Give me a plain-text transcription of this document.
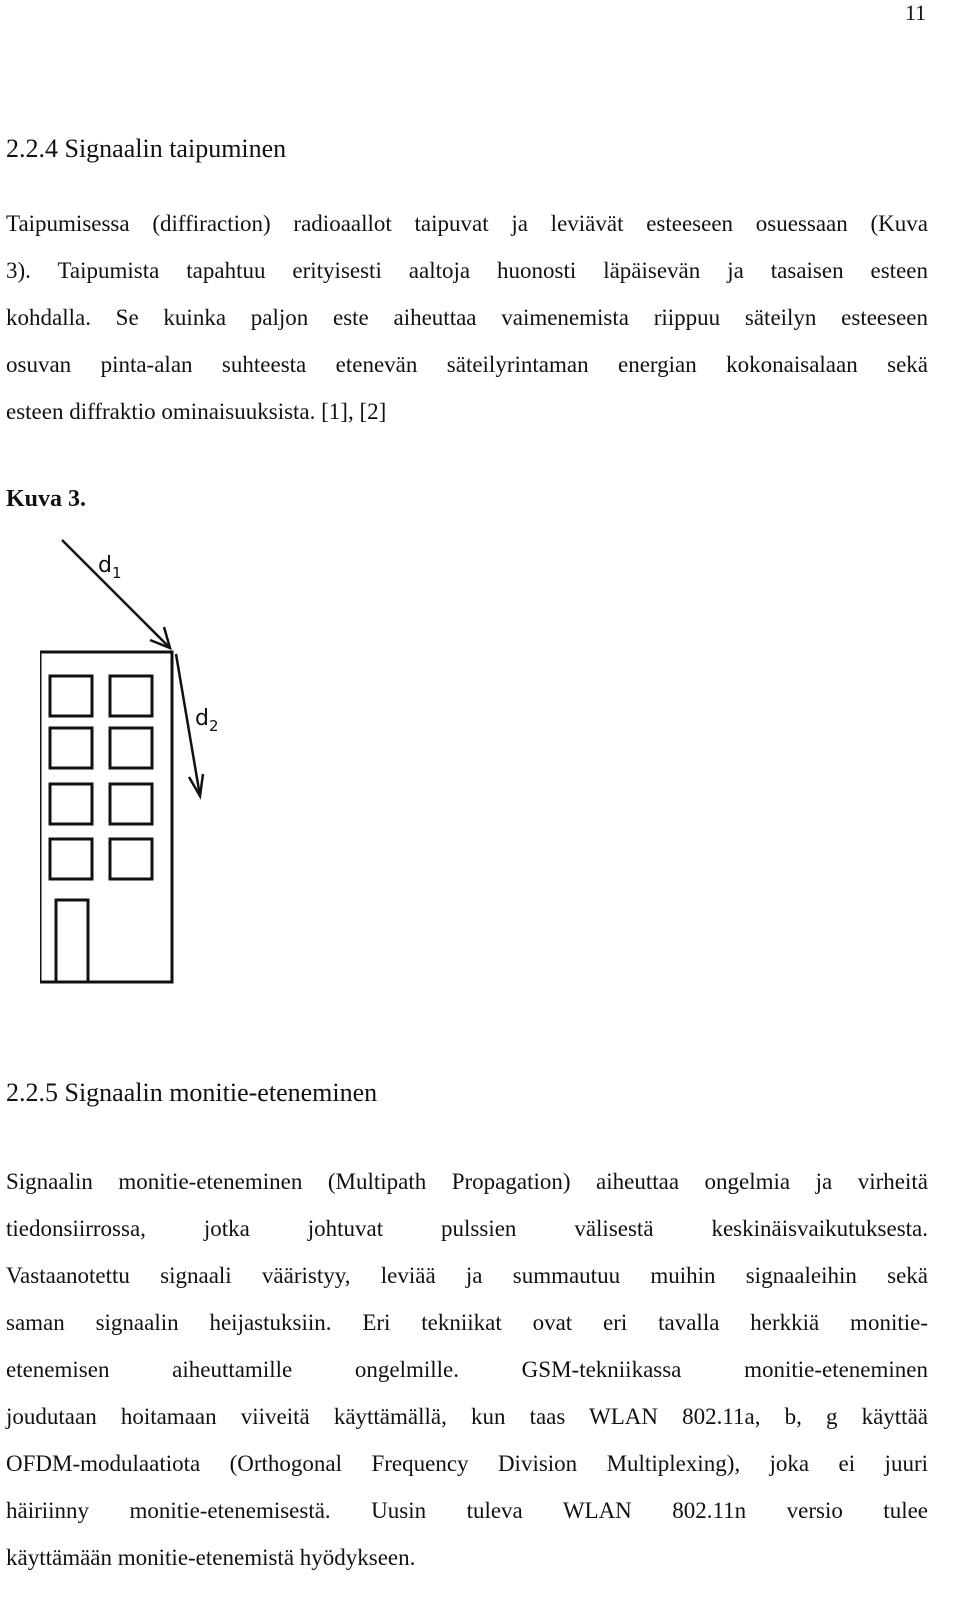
11
2.2.4 Signaalin taipuminen
Taipumisessa (diffiraction) radioaallot taipuvat ja leviävät esteeseen osuessaan (Kuva
3). Taipumista tapahtuu erityisesti aaltoja huonosti läpäisevän ja tasaisen esteen
kohdalla. Se kuinka paljon este aiheuttaa vaimenemista riippuu säteilyn esteeseen
osuvan pinta-alan suhteesta etenevän säteilyrintaman energian kokonaisalaan sekä
esteen diffraktio ominaisuuksista. [1], [2]
Kuva 3.
$d_1$
$d_2$
2.2.5 Signaalin monitie-eteneminen
Signaalin monitie-eteneminen (Multipath Propagation) aiheuttaa ongelmia ja virheitä
tiedonsiirrossa, jotka johtuvat pulssien välisestä keskinäisvaikutuksesta.
Vastaanotettu signaali vääristyy, leviää ja summautuu muihin signaaleihin sekä
saman signaalin heijastuksiin. Eri tekniikat ovat eri tavalla herkkiä monitie-
etenemisen aiheuttamille ongelmille. GSM-tekniikassa monitie-eteneminen
joudutaan hoitamaan viiveitä käyttämällä, kun taas WLAN 802.11a, b, g käyttää
OFDM-modulaatiota (Orthogonal Frequency Division Multiplexing), joka ei juuri
häiriinny monitie-etenemisestä. Uusin tuleva WLAN 802.11n versio tulee
käyttämään monitie-etenemistä hyödykseen.
